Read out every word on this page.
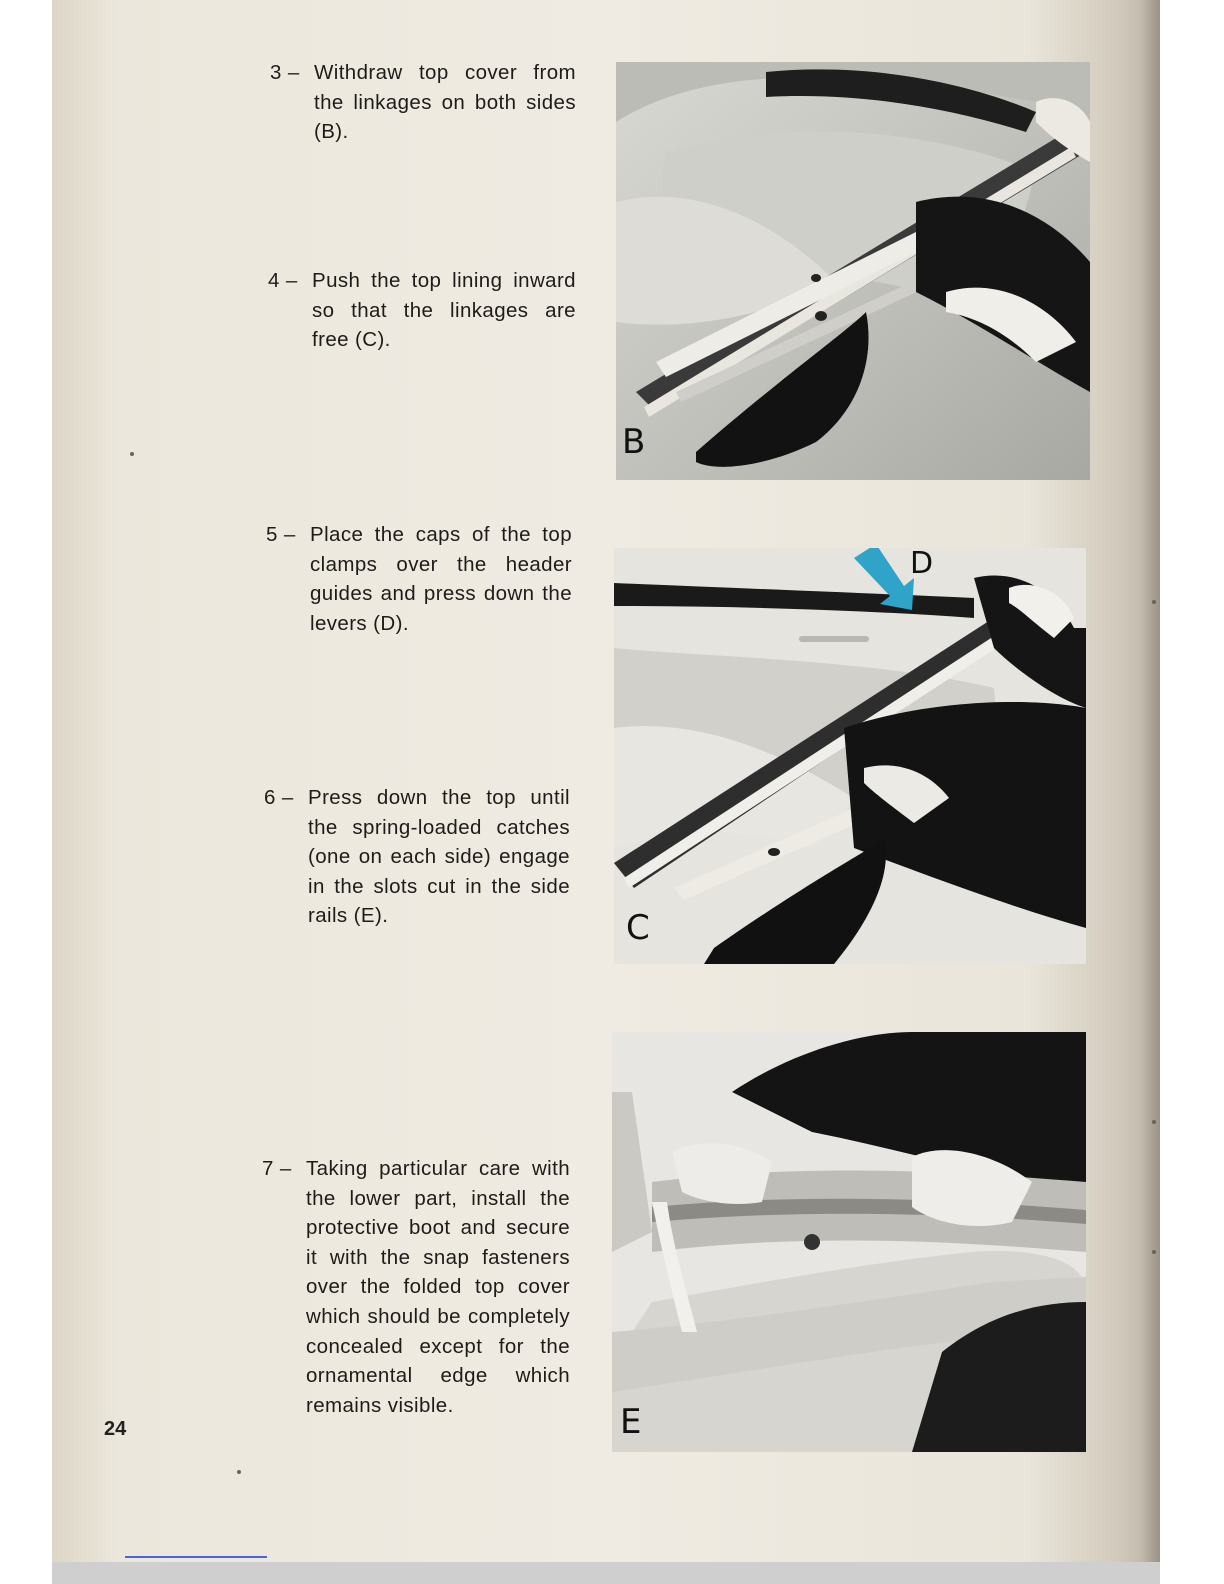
3 – Withdraw top cover from the linkages on both sides (B).
4 – Push the top lining inward so that the linkages are free (C).
5 – Place the caps of the top clamps over the header guides and press down the levers (D).
6 – Press down the top until the spring-loaded catches (one on each side) engage in the slots cut in the side rails (E).
7 – Taking particular care with the lower part, install the protective boot and secure it with the snap fasteners over the folded top cover which should be completely concealed except for the ornamental edge which remains visible.
24
B
C
D
E
